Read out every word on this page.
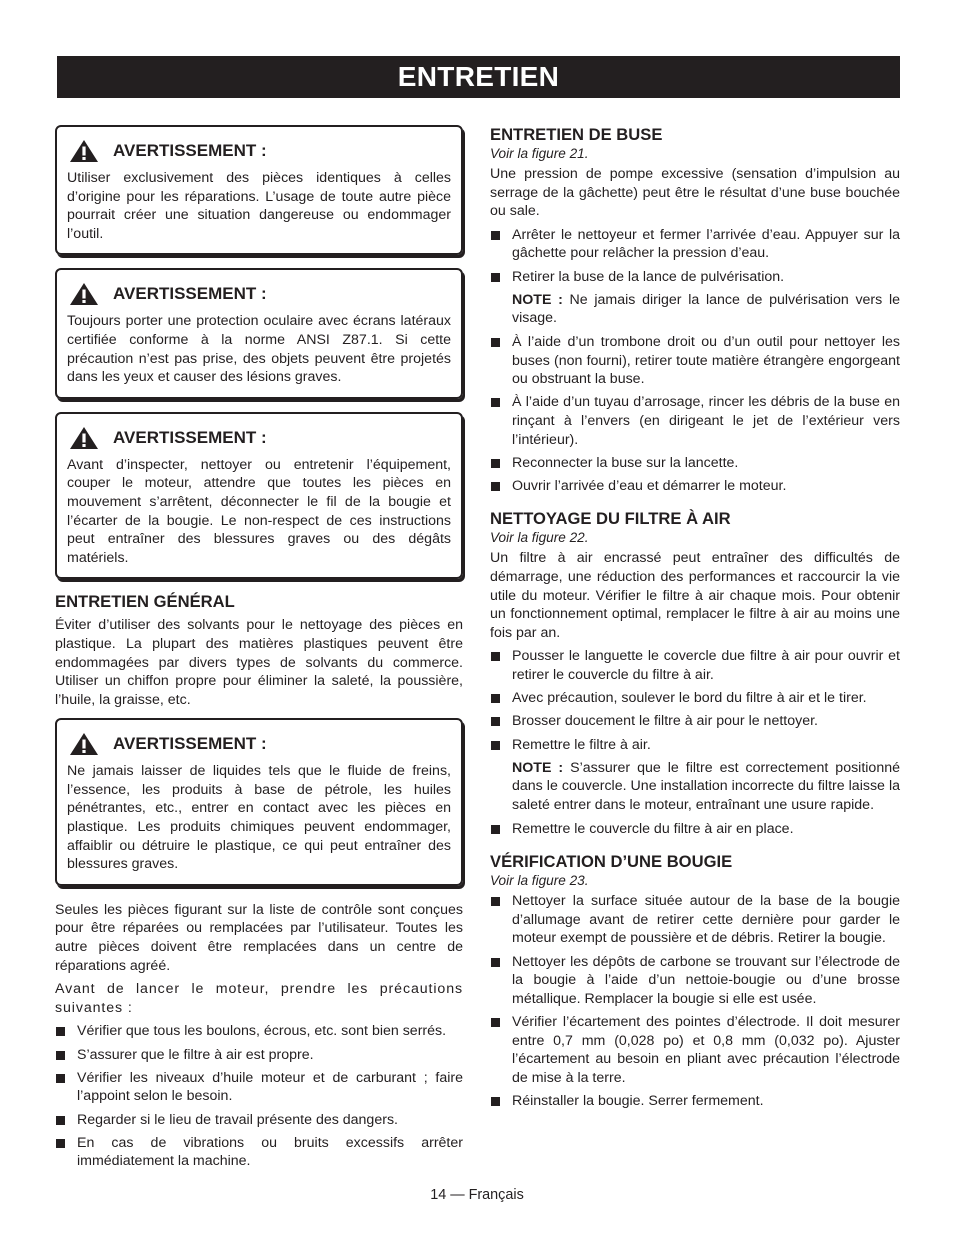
ENTRETIEN
AVERTISSEMENT :
Utiliser exclusivement des pièces identiques à celles d’origine pour les réparations. L’usage de toute autre pièce pourrait créer une situation dangereuse ou endommager l’outil.
AVERTISSEMENT :
Toujours porter une protection oculaire avec écrans latéraux certifiée conforme à la norme ANSI Z87.1. Si cette précaution n’est pas prise, des objets peuvent être projetés dans les yeux et causer des lésions graves.
AVERTISSEMENT :
Avant d’inspecter, nettoyer ou entretenir l’équipement, couper le moteur, attendre que toutes les pièces en mouvement s’arrêtent, déconnecter le fil de la bougie et l’écarter de la bougie. Le non-respect de ces instructions peut entraîner des blessures graves ou des dégâts matériels.
ENTRETIEN GÉNÉRAL
Éviter d’utiliser des solvants pour le nettoyage des pièces en plastique. La plupart des matières plastiques peuvent être endommagées par divers types de solvants du commerce. Utiliser un chiffon propre pour éliminer la saleté, la poussière, l’huile, la graisse, etc.
AVERTISSEMENT :
Ne jamais laisser de liquides tels que le fluide de freins, l’essence, les produits à base de pétrole, les huiles pénétrantes, etc., entrer en contact avec les pièces en plastique. Les produits chimiques peuvent endommager, affaiblir ou détruire le plastique, ce qui peut entraîner des blessures graves.
Seules les pièces figurant sur la liste de contrôle sont conçues pour être réparées ou remplacées par l’utilisateur. Toutes les autre pièces doivent être remplacées dans un centre de réparations agréé.
Avant de lancer le moteur, prendre les précautions suivantes :
Vérifier que tous les boulons, écrous, etc. sont bien serrés.
S’assurer que le filtre à air est propre.
Vérifier les niveaux d’huile moteur et de carburant ; faire l’appoint selon le besoin.
Regarder si le lieu de travail présente des dangers.
En cas de vibrations ou bruits excessifs arrêter immédiatement la machine.
ENTRETIEN DE BUSE
Voir la figure 21.
Une pression de pompe excessive (sensation d’impulsion au serrage de la gâchette) peut être le résultat d’une buse bouchée ou sale.
Arrêter le nettoyeur et fermer l’arrivée d’eau. Appuyer sur la gâchette pour relâcher la pression d’eau.
Retirer la buse de la lance de pulvérisation.
NOTE : Ne jamais diriger la lance de pulvérisation vers le visage.
À l’aide d’un trombone droit ou d’un outil pour nettoyer les buses (non fourni), retirer toute matière étrangère engorgeant ou obstruant la buse.
À l’aide d’un tuyau d’arrosage, rincer les débris de la buse en rinçant à l’envers (en dirigeant le jet de l’extérieur vers l’intérieur).
Reconnecter la buse sur la lancette.
Ouvrir l’arrivée d’eau et démarrer le moteur.
NETTOYAGE DU FILTRE À AIR
Voir la figure 22.
Un filtre à air encrassé peut entraîner des difficultés de démarrage, une réduction des performances et raccourcir la vie utile du moteur. Vérifier le filtre à air chaque mois. Pour obtenir un fonctionnement optimal, remplacer le filtre à air au moins une fois par an.
Pousser le languette le covercle due filtre à air pour ouvrir et retirer le couvercle du filtre à air.
Avec précaution, soulever le bord du filtre à air et le tirer.
Brosser doucement le filtre à air pour le nettoyer.
Remettre le filtre à air.
NOTE : S’assurer que le filtre est correctement positionné dans le couvercle. Une installation incorrecte du filtre laisse la saleté entrer dans le moteur, entraînant une usure rapide.
Remettre le couvercle du filtre à air en place.
VÉRIFICATION D’UNE BOUGIE
Voir la figure 23.
Nettoyer la surface située autour de la base de la bougie d’allumage avant de retirer cette dernière pour garder le moteur exempt de poussière et de débris. Retirer la bougie.
Nettoyer les dépôts de carbone se trouvant sur l’électrode de la bougie à l’aide d’un nettoie-bougie ou d’une brosse métallique. Remplacer la bougie si elle est usée.
Vérifier l’écartement des pointes d’électrode. Il doit mesurer entre 0,7 mm (0,028 po) et 0,8 mm (0,032 po). Ajuster l’écartement au besoin en pliant avec précaution l’électrode de mise à la terre.
Réinstaller la bougie. Serrer fermement.
14 — Français
